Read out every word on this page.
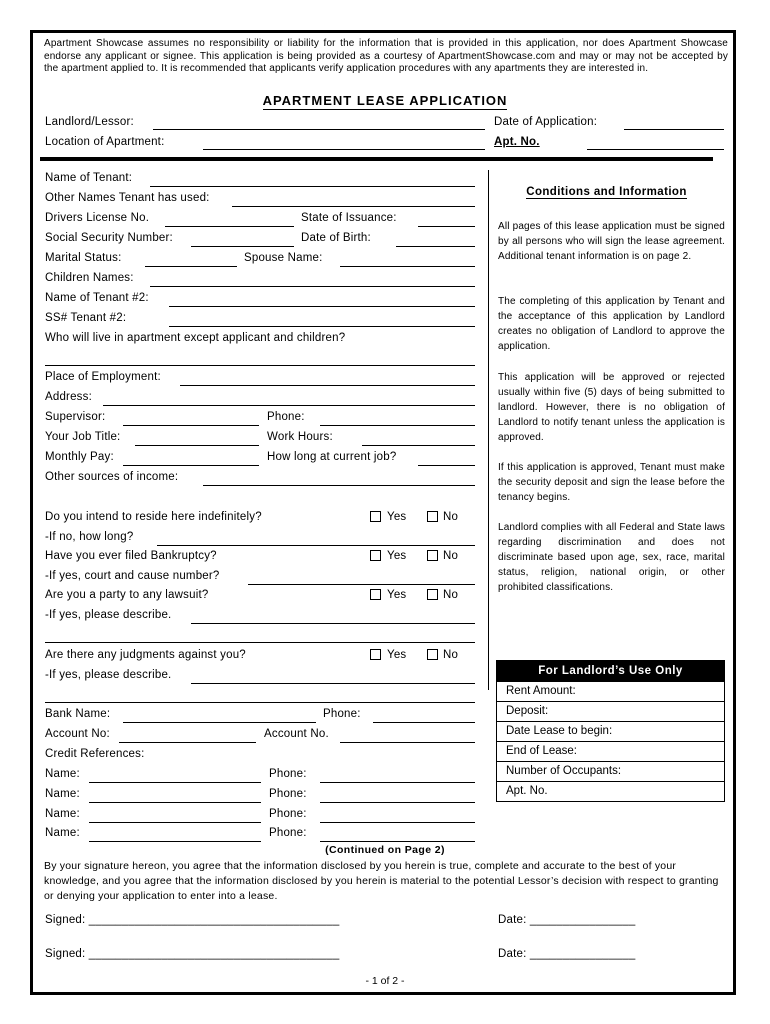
Apartment Showcase assumes no responsibility or liability for the information that is provided in this application, nor does Apartment Showcase endorse any applicant or signee. This application is being provided as a courtesy of ApartmentShowcase.com and may or may not be accepted by the apartment applied to. It is recommended that applicants verify application procedures with any apartments they are interested in.
APARTMENT LEASE APPLICATION
Landlord/Lessor:	Date of Application:
Location of Apartment:	Apt. No.
Name of Tenant:
Other Names Tenant has used:
Drivers License No.	State of Issuance:
Social Security Number:	Date of Birth:
Marital Status:	Spouse Name:
Children Names:
Name of Tenant #2:
SS# Tenant #2:
Who will live in apartment except applicant and children?
Place of Employment:
Address:
Supervisor:	Phone:
Your Job Title:	Work Hours:
Monthly Pay:	How long at current job?
Other sources of income:
Do you intend to reside here indefinitely?	Yes	No
-If no, how long?
Have you ever filed Bankruptcy?	Yes	No
-If yes, court and cause number?
Are you a party to any lawsuit?	Yes	No
-If yes, please describe.
Are there any judgments against you?	Yes	No
-If yes, please describe.
Bank Name:	Phone:
Account No:	Account No.
Credit References:
Name:	Phone:
Name:	Phone:
Name:	Phone:
Name:	Phone:
Conditions and Information
All pages of this lease application must be signed by all persons who will sign the lease agreement. Additional tenant information is on page 2.
The completing of this application by Tenant and the acceptance of this application by Landlord creates no obligation of Landlord to approve the application.
This application will be approved or rejected usually within five (5) days of being submitted to landlord. However, there is no obligation of Landlord to notify tenant unless the application is approved.
If this application is approved, Tenant must make the security deposit and sign the lease before the tenancy begins.
Landlord complies with all Federal and State laws regarding discrimination and does not discriminate based upon age, sex, race, marital status, religion, national origin, or other prohibited classifications.
For Landlord’s Use Only
Rent Amount:
Deposit:
Date Lease to begin:
End of Lease:
Number of Occupants:
Apt. No.
(Continued on Page 2)
By your signature hereon, you agree that the information disclosed by you herein is true, complete and accurate to the best of your knowledge, and you agree that the information disclosed by you herein is material to the potential Lessor’s decision with respect to granting or denying your application to enter into a lease.
Signed: ______________________________________	Date: ________________
Signed: ______________________________________	Date: ________________
- 1 of 2 -
